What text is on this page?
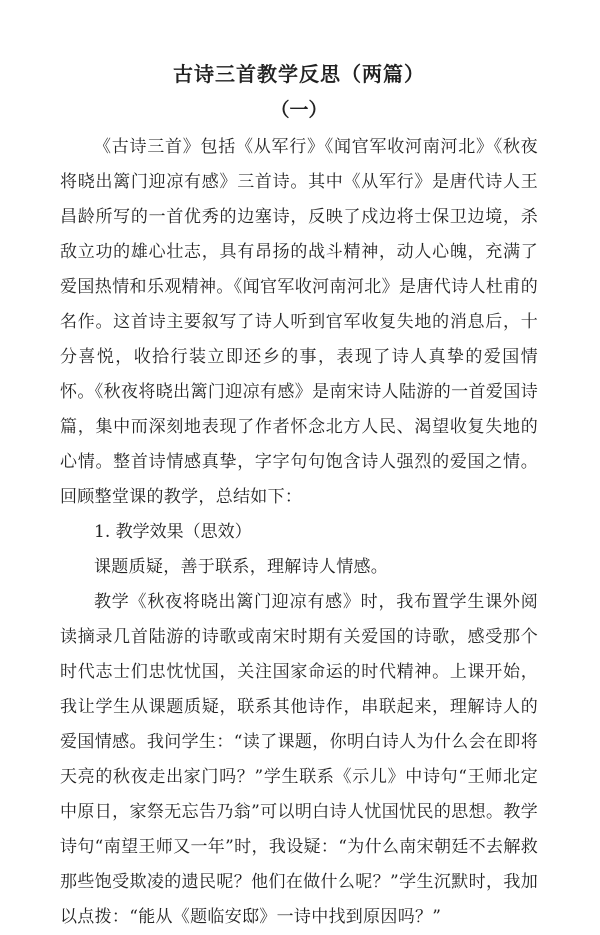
古诗三首教学反思（两篇）
（一）

《古诗三首》包括《从军行》《闻官军收河南河北》《秋夜将晓出篱门迎凉有感》三首诗。其中《从军行》是唐代诗人王昌龄所写的一首优秀的边塞诗，反映了戍边将士保卫边境，杀敌立功的雄心壮志，具有昂扬的战斗精神，动人心魄，充满了爱国热情和乐观精神。《闻官军收河南河北》是唐代诗人杜甫的名作。这首诗主要叙写了诗人听到官军收复失地的消息后，十分喜悦，收拾行装立即还乡的事，表现了诗人真挚的爱国情怀。《秋夜将晓出篱门迎凉有感》是南宋诗人陆游的一首爱国诗篇，集中而深刻地表现了作者怀念北方人民、渴望收复失地的心情。整首诗情感真挚，字字句句饱含诗人强烈的爱国之情。回顾整堂课的教学，总结如下：

1. 教学效果（思效）

课题质疑，善于联系，理解诗人情感。

教学《秋夜将晓出篱门迎凉有感》时，我布置学生课外阅读摘录几首陆游的诗歌或南宋时期有关爱国的诗歌，感受那个时代志士们忠忱忧国，关注国家命运的时代精神。上课开始，我让学生从课题质疑，联系其他诗作，串联起来，理解诗人的爱国情感。我问学生：“读了课题，你明白诗人为什么会在即将天亮的秋夜走出家门吗？”学生联系《示儿》中诗句“王师北定中原日，家祭无忘告乃翁”可以明白诗人忧国忧民的思想。教学诗句“南望王师又一年”时，我设疑：“为什么南宋朝廷不去解救那些饱受欺凌的遗民呢？他们在做什么呢？”学生沉默时，我加以点拨：“能从《题临安邸》一诗中找到原因吗？”
